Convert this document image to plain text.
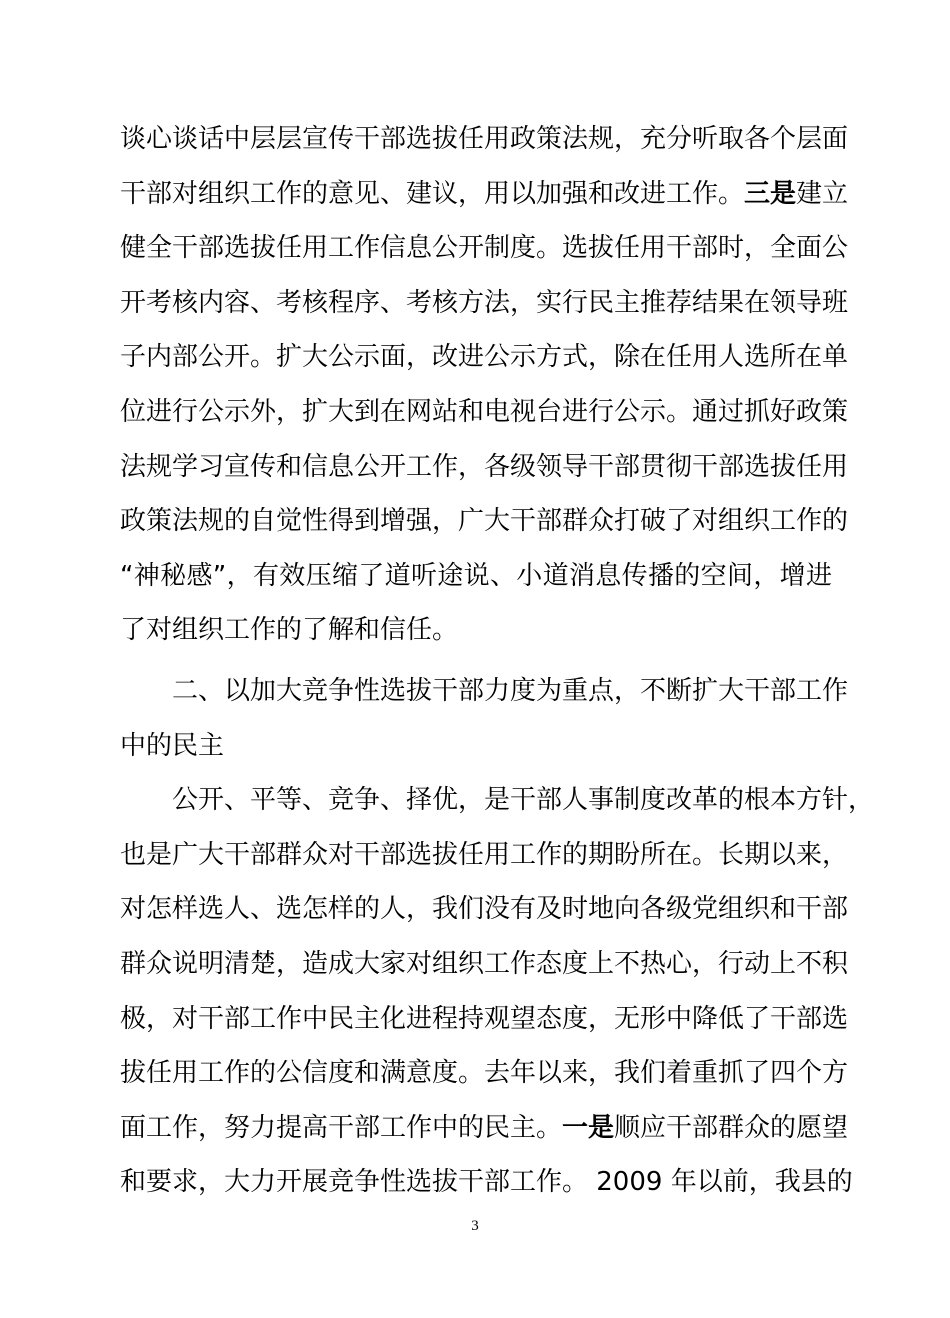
谈心谈话中层层宣传干部选拔任用政策法规，充分听取各个层面
干部对组织工作的意见、建议，用以加强和改进工作。三是建立
健全干部选拔任用工作信息公开制度。选拔任用干部时，全面公
开考核内容、考核程序、考核方法，实行民主推荐结果在领导班
子内部公开。扩大公示面，改进公示方式，除在任用人选所在单
位进行公示外，扩大到在网站和电视台进行公示。通过抓好政策
法规学习宣传和信息公开工作，各级领导干部贯彻干部选拔任用
政策法规的自觉性得到增强，广大干部群众打破了对组织工作的
“神秘感”，有效压缩了道听途说、小道消息传播的空间，增进
了对组织工作的了解和信任。
二、以加大竞争性选拔干部力度为重点，不断扩大干部工作
中的民主
公开、平等、竞争、择优，是干部人事制度改革的根本方针，
也是广大干部群众对干部选拔任用工作的期盼所在。长期以来，
对怎样选人、选怎样的人，我们没有及时地向各级党组织和干部
群众说明清楚，造成大家对组织工作态度上不热心，行动上不积
极，对干部工作中民主化进程持观望态度，无形中降低了干部选
拔任用工作的公信度和满意度。去年以来，我们着重抓了四个方
面工作，努力提高干部工作中的民主。一是顺应干部群众的愿望
和要求，大力开展竞争性选拔干部工作。 2009 年以前，我县的
3
